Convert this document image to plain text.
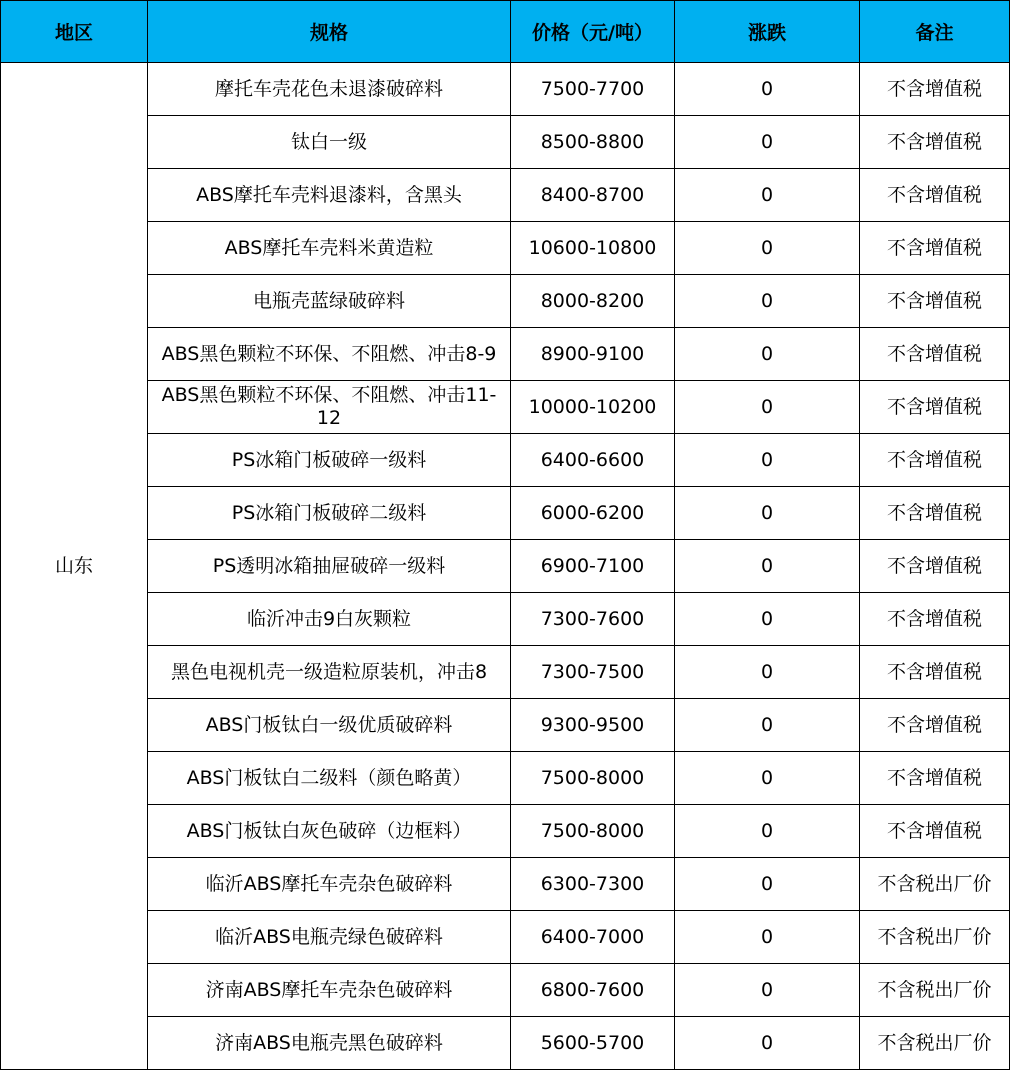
地区	规格	价格（元/吨）	涨跌	备注
山东	摩托车壳花色未退漆破碎料	7500-7700	0	不含增值税
	钛白一级	8500-8800	0	不含增值税
	ABS摩托车壳料退漆料，含黑头	8400-8700	0	不含增值税
	ABS摩托车壳料米黄造粒	10600-10800	0	不含增值税
	电瓶壳蓝绿破碎料	8000-8200	0	不含增值税
	ABS黑色颗粒不环保、不阻燃、冲击8-9	8900-9100	0	不含增值税
	ABS黑色颗粒不环保、不阻燃、冲击11-12	10000-10200	0	不含增值税
	PS冰箱门板破碎一级料	6400-6600	0	不含增值税
	PS冰箱门板破碎二级料	6000-6200	0	不含增值税
	PS透明冰箱抽屉破碎一级料	6900-7100	0	不含增值税
	临沂冲击9白灰颗粒	7300-7600	0	不含增值税
	黑色电视机壳一级造粒原装机，冲击8	7300-7500	0	不含增值税
	ABS门板钛白一级优质破碎料	9300-9500	0	不含增值税
	ABS门板钛白二级料（颜色略黄）	7500-8000	0	不含增值税
	ABS门板钛白灰色破碎（边框料）	7500-8000	0	不含增值税
	临沂ABS摩托车壳杂色破碎料	6300-7300	0	不含税出厂价
	临沂ABS电瓶壳绿色破碎料	6400-7000	0	不含税出厂价
	济南ABS摩托车壳杂色破碎料	6800-7600	0	不含税出厂价
	济南ABS电瓶壳黑色破碎料	5600-5700	0	不含税出厂价
